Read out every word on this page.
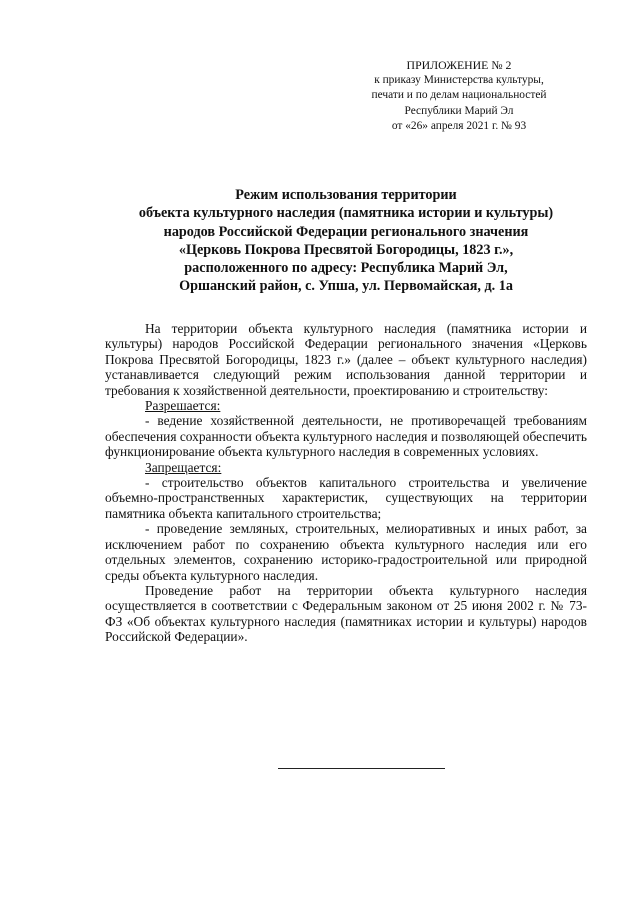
ПРИЛОЖЕНИЕ № 2
к приказу Министерства культуры,
печати и по делам национальностей
Республики Марий Эл
от «26» апреля 2021 г. № 93
Режим использования территории
объекта культурного наследия (памятника истории и культуры)
народов Российской Федерации регионального значения
«Церковь Покрова Пресвятой Богородицы, 1823 г.»,
расположенного по адресу: Республика Марий Эл,
Оршанский район, с. Упша, ул. Первомайская, д. 1а

На территории объекта культурного наследия (памятника истории и культуры) народов Российской Федерации регионального значения «Церковь Покрова Пресвятой Богородицы, 1823 г.» (далее – объект культурного наследия) устанавливается следующий режим использования данной территории и требования к хозяйственной деятельности, проектированию и строительству:

Разрешается:

- ведение хозяйственной деятельности, не противоречащей требованиям обеспечения сохранности объекта культурного наследия и позволяющей обеспечить функционирование объекта культурного наследия в современных условиях.

Запрещается:

- строительство объектов капитального строительства и увеличение объемно-пространственных характеристик, существующих на территории памятника объекта капитального строительства;

- проведение земляных, строительных, мелиоративных и иных работ, за исключением работ по сохранению объекта культурного наследия или его отдельных элементов, сохранению историко-градостроительной или природной среды объекта культурного наследия.

Проведение работ на территории объекта культурного наследия осуществляется в соответствии с Федеральным законом от 25 июня 2002 г. № 73-ФЗ «Об объектах культурного наследия (памятниках истории и культуры) народов Российской Федерации».
